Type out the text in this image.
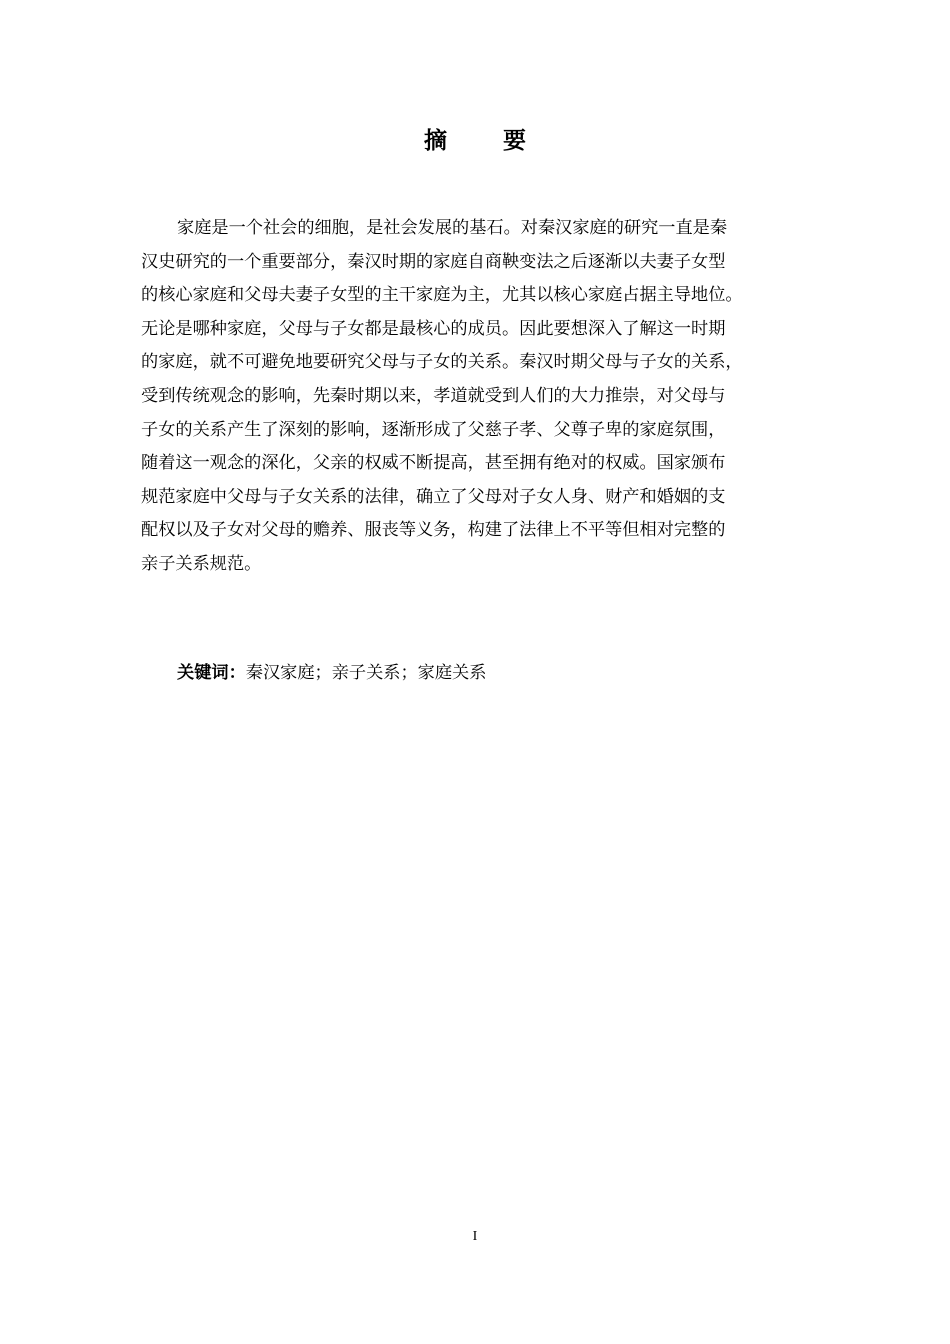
摘 要

家庭是一个社会的细胞，是社会发展的基石。对秦汉家庭的研究一直是秦
汉史研究的一个重要部分，秦汉时期的家庭自商鞅变法之后逐渐以夫妻子女型
的核心家庭和父母夫妻子女型的主干家庭为主，尤其以核心家庭占据主导地位。
无论是哪种家庭，父母与子女都是最核心的成员。因此要想深入了解这一时期
的家庭，就不可避免地要研究父母与子女的关系。秦汉时期父母与子女的关系，
受到传统观念的影响，先秦时期以来，孝道就受到人们的大力推崇，对父母与
子女的关系产生了深刻的影响，逐渐形成了父慈子孝、父尊子卑的家庭氛围，
随着这一观念的深化，父亲的权威不断提高，甚至拥有绝对的权威。国家颁布
规范家庭中父母与子女关系的法律，确立了父母对子女人身、财产和婚姻的支
配权以及子女对父母的赡养、服丧等义务，构建了法律上不平等但相对完整的
亲子关系规范。

关键词：秦汉家庭；亲子关系；家庭关系

I
